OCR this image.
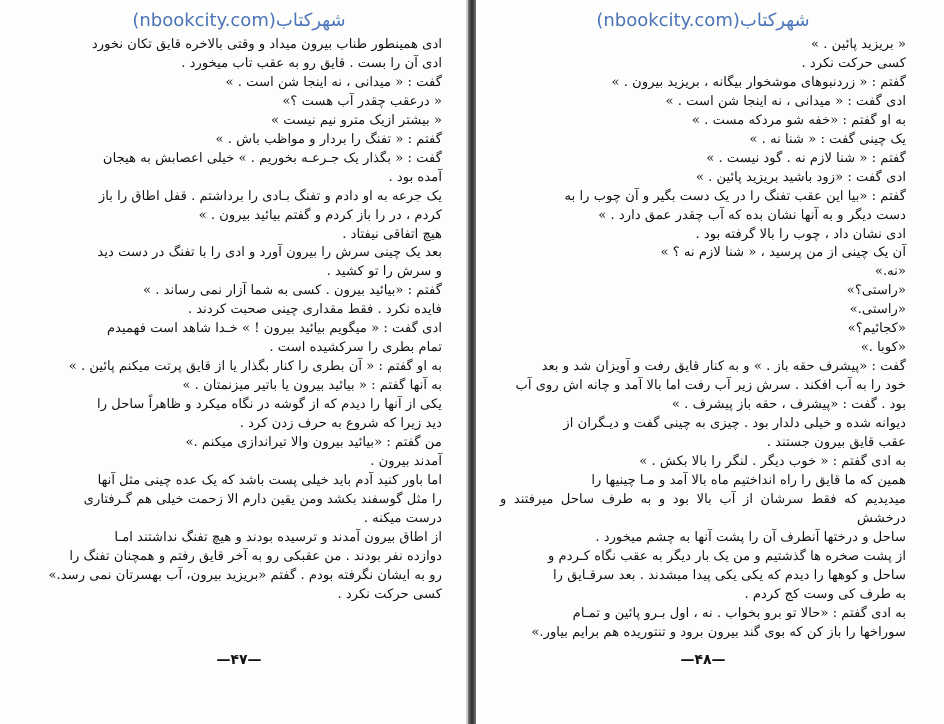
(nbookcity.com)شهرکتاب

ادی همینطور طناب بیرون میداد و وقتی بالاخره قایق تکان نخورد

ادی آن را بست . قایق رو به عقب تاب میخورد .

گفت : « میدانی ، نه اینجا شن است . »

« درعقب چقدر آب هست ؟»

« بیشتر ازیک مترو نیم نیست »

گفتم : « تفنگ را بردار و مواظب باش . »

گفت : « بگذار یک جـرعـه بخوریم . » خیلی اعصابش به هیجان

آمده بود .

یک جرعه به او دادم و تفنگ بـادی را برداشتم . قفل اطاق را باز

کردم ، در را باز کردم و گفتم بیائید بیرون . »

هیچ اتفاقی نیفتاد .

بعد یک چینی سرش را بیرون آورد و ادی را با تفنگ در دست دید

و سرش را تو کشید .

گفتم : «بیائید بیرون . کسی به شما آزار نمی رساند . »

فایده نکرد . فقط مقداری چینی صحبت کردند .

ادی گفت : « میگویم بیائید بیرون ! » خـدا شاهد است فهمیدم

تمام بطری را سرکشیده است .

به او گفتم : « آن بطری را کنار بگذار یا از قایق پرتت میکنم پائین . »

به آنها گفتم : « بیائید بیرون یا باتیر میزنمتان . »

یکی از آنها را دیدم که از گوشه در نگاه میکرد و ظاهراً ساحل را

دید زیرا که شروع به حرف زدن کرد .

من گفتم : «بیائید بیرون والا تیراندازی میکنم .»

آمدند بیرون .

اما باور کنید آدم باید خیلی پست باشد که یک عده چینی مثل آنها

را مثل گوسفند بکشد ومن یقین دارم الا زحمت خیلی هم گـرفتاری

درست میکنه .

از اطاق بیرون آمدند و ترسیده بودند و هیچ تفنگ نداشتند امـا

دوازده نفر بودند . من عقبکی رو به آخر قایق رفتم و همچنان تفنگ را

رو به ایشان نگرفته بودم . گفتم «بریزید بیرون، آب بهسرتان نمی رسد.»

کسی حرکت نکرد .

—۴۷—
(nbookcity.com)شهرکتاب

« بریزید پائین . »

کسی حرکت نکرد .

گفتم : « زردنبوهای موشخوار بیگانه ، بریزید بیرون . »

ادی گفت : « میدانی ، نه اینجا شن است . »

به او گفتم : «خفه شو مردکه مست . »

یک چینی گفت : « شنا نه . »

گفتم : « شنا لازم نه . گود نیست . »

ادی گفت : «زود باشید بریزید پائین . »

گفتم : «بیا این عقب تفنگ را در یک دست بگیر و آن چوب را به

دست دیگر و به آنها نشان بده که آب چقدر عمق دارد . »

ادی نشان داد ، چوب را بالا گرفته بود .

آن یک چینی از من پرسید ، « شنا لازم نه ؟ »

«نه.»

«راستی؟»

«راستی.»

«کجائیم؟»

«کوبا .»

گفت : «پیشرف حقه باز . » و به کنار قایق رفت و آویزان شد و بعد

خود را به آب افکند . سرش زیر آب رفت اما بالا آمد و چانه اش روی آب

بود . گفت : «پیشرف ، حقه باز پیشرف . »

دیوانه شده و خیلی دلدار بود . چیزی به چینی گفت و دیـگران از

عقب قایق بیرون جستند .

به ادی گفتم : « خوب دیگر . لنگر را بالا بکش . »

همین که ما قایق را راه انداختیم ماه بالا آمد و مـا چینیها را

میدیدیم که فقط سرشان از آب بالا بود و به طرف ساحل میرفتند و درخشش

ساحل و درختها آنطرف آن را پشت آنها به چشم میخورد .

از پشت صخره ها گذشتیم و من یک بار دیگر به عقب نگاه کـردم و

ساحل و کوهها را دیدم که یکی یکی پیدا میشدند . بعد سرقـایق را

به طرف کی وست کج کردم .

به ادی گفتم : «حالا تو برو بخواب . نه ، اول بـرو پائین و تمـام

سوراخها را باز کن که بوی گند بیرون برود و تنتوریده هم برایم بیاور.»

—۴۸—
